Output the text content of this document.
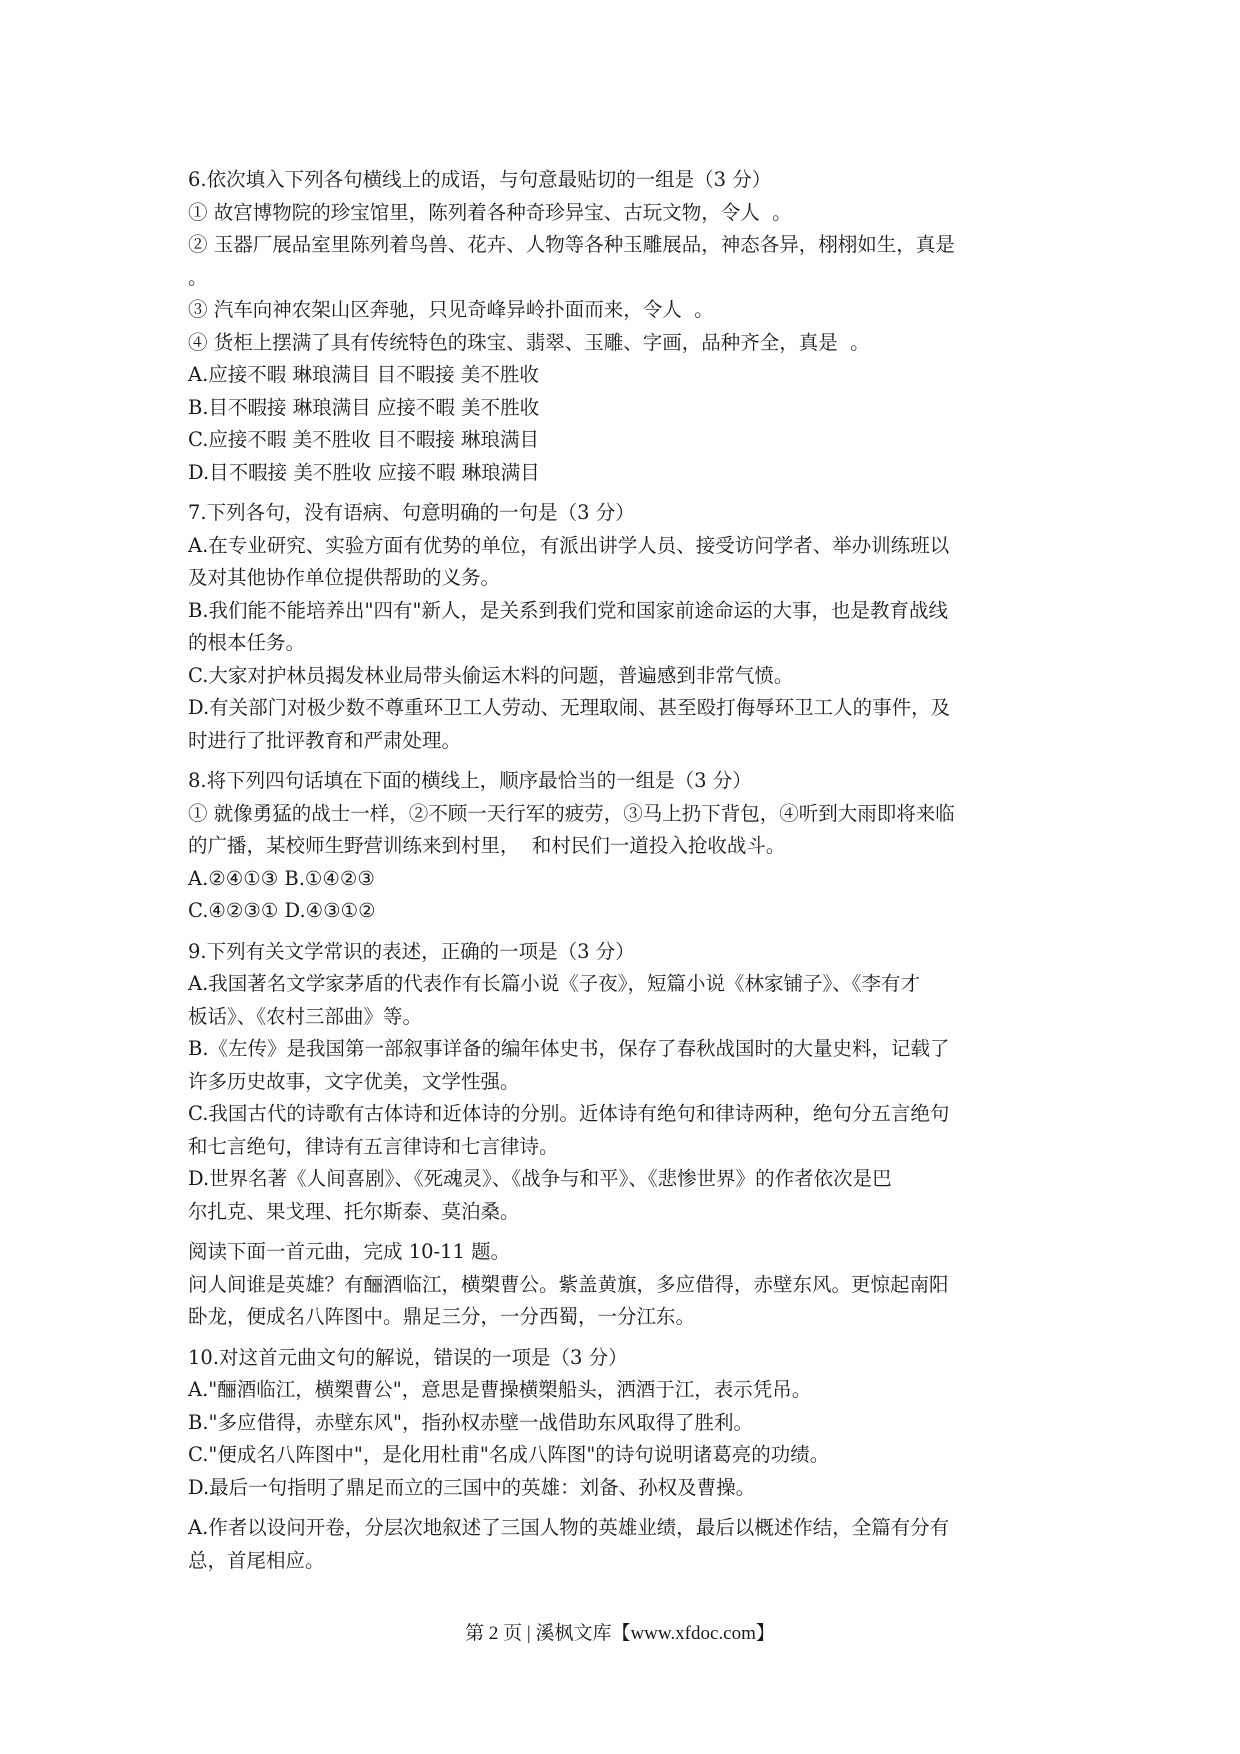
6.依次填入下列各句横线上的成语，与句意最贴切的一组是（3 分）
① 故宫博物院的珍宝馆里，陈列着各种奇珍异宝、古玩文物，令人  。
② 玉器厂展品室里陈列着鸟兽、花卉、人物等各种玉雕展品，神态各异，栩栩如生，真是
。
③ 汽车向神农架山区奔驰，只见奇峰异岭扑面而来，令人  。
④ 货柜上摆满了具有传统特色的珠宝、翡翠、玉雕、字画，品种齐全，真是  。
A.应接不暇 琳琅满目 目不暇接 美不胜收
B.目不暇接 琳琅满目 应接不暇 美不胜收
C.应接不暇 美不胜收 目不暇接 琳琅满目
D.目不暇接 美不胜收 应接不暇 琳琅满目
7.下列各句，没有语病、句意明确的一句是（3 分）
A.在专业研究、实验方面有优势的单位，有派出讲学人员、接受访问学者、举办训练班以
及对其他协作单位提供帮助的义务。
B.我们能不能培养出"四有"新人，是关系到我们党和国家前途命运的大事，也是教育战线
的根本任务。
C.大家对护林员揭发林业局带头偷运木料的问题，普遍感到非常气愤。
D.有关部门对极少数不尊重环卫工人劳动、无理取闹、甚至殴打侮辱环卫工人的事件，及
时进行了批评教育和严肃处理。
8.将下列四句话填在下面的横线上，顺序最恰当的一组是（3 分）
① 就像勇猛的战士一样，②不顾一天行军的疲劳，③马上扔下背包，④听到大雨即将来临
的广播，某校师生野营训练来到村里，  和村民们一道投入抢收战斗。
A.②④①③ B.①④②③
C.④②③① D.④③①②
9.下列有关文学常识的表述，正确的一项是（3 分）
A.我国著名文学家茅盾的代表作有长篇小说《子夜》，短篇小说《林家铺子》、《李有才
板话》、《农村三部曲》等。
B.《左传》是我国第一部叙事详备的编年体史书，保存了春秋战国时的大量史料，记载了
许多历史故事，文字优美，文学性强。
C.我国古代的诗歌有古体诗和近体诗的分别。近体诗有绝句和律诗两种，绝句分五言绝句
和七言绝句，律诗有五言律诗和七言律诗。
D.世界名著《人间喜剧》、《死魂灵》、《战争与和平》、《悲惨世界》的作者依次是巴
尔扎克、果戈理、托尔斯泰、莫泊桑。
阅读下面一首元曲，完成 10-11 题。
问人间谁是英雄？有酾酒临江，横槊曹公。紫盖黄旗，多应借得，赤壁东风。更惊起南阳
卧龙，便成名八阵图中。鼎足三分，一分西蜀，一分江东。
10.对这首元曲文句的解说，错误的一项是（3 分）
A."酾酒临江，横槊曹公"，意思是曹操横槊船头，洒酒于江，表示凭吊。
B."多应借得，赤壁东风"，指孙权赤壁一战借助东风取得了胜利。
C."便成名八阵图中"，是化用杜甫"名成八阵图"的诗句说明诸葛亮的功绩。
D.最后一句指明了鼎足而立的三国中的英雄：刘备、孙权及曹操。
A.作者以设问开卷，分层次地叙述了三国人物的英雄业绩，最后以概述作结，全篇有分有
总，首尾相应。
第 2 页 | 溪枫文库【www.xfdoc.com】
